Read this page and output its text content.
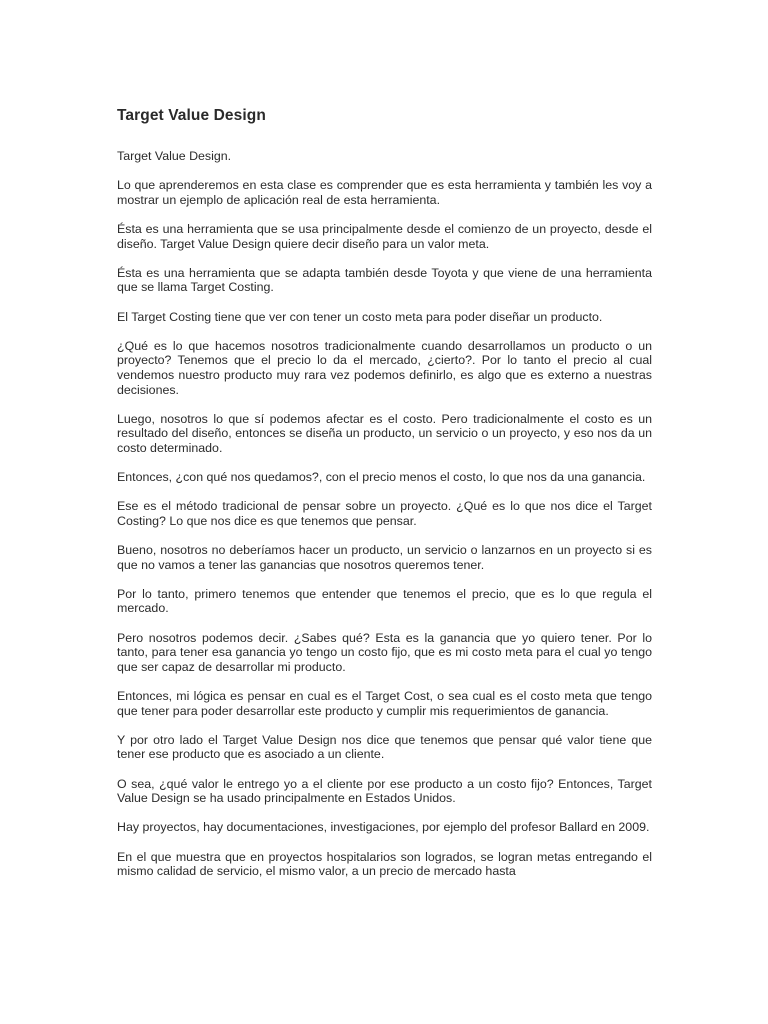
Target Value Design

Target Value Design.

Lo que aprenderemos en esta clase es comprender que es esta herramienta y también les voy a mostrar un ejemplo de aplicación real de esta herramienta.

Ésta es una herramienta que se usa principalmente desde el comienzo de un proyecto, desde el diseño. Target Value Design quiere decir diseño para un valor meta.

Ésta es una herramienta que se adapta también desde Toyota y que viene de una herramienta que se llama Target Costing.

El Target Costing tiene que ver con tener un costo meta para poder diseñar un producto.

¿Qué es lo que hacemos nosotros tradicionalmente cuando desarrollamos un producto o un proyecto? Tenemos que el precio lo da el mercado, ¿cierto?. Por lo tanto el precio al cual vendemos nuestro producto muy rara vez podemos definirlo, es algo que es externo a nuestras decisiones.

Luego, nosotros lo que sí podemos afectar es el costo. Pero tradicionalmente el costo es un resultado del diseño, entonces se diseña un producto, un servicio o un proyecto, y eso nos da un costo determinado.

Entonces, ¿con qué nos quedamos?, con el precio menos el costo, lo que nos da una ganancia.

Ese es el método tradicional de pensar sobre un proyecto. ¿Qué es lo que nos dice el Target Costing? Lo que nos dice es que tenemos que pensar.

Bueno, nosotros no deberíamos hacer un producto, un servicio o lanzarnos en un proyecto si es que no vamos a tener las ganancias que nosotros queremos tener.

Por lo tanto, primero tenemos que entender que tenemos el precio, que es lo que regula el mercado.

Pero nosotros podemos decir. ¿Sabes qué? Esta es la ganancia que yo quiero tener. Por lo tanto, para tener esa ganancia yo tengo un costo fijo, que es mi costo meta para el cual yo tengo que ser capaz de desarrollar mi producto.

Entonces, mi lógica es pensar en cual es el Target Cost, o sea cual es el costo meta que tengo que tener para poder desarrollar este producto y cumplir mis requerimientos de ganancia.

Y por otro lado el Target Value Design nos dice que tenemos que pensar qué valor tiene que tener ese producto que es asociado a un cliente.

O sea, ¿qué valor le entrego yo a el cliente por ese producto a un costo fijo? Entonces, Target Value Design se ha usado principalmente en Estados Unidos.

Hay proyectos, hay documentaciones, investigaciones, por ejemplo del profesor Ballard en 2009.

En el que muestra que en proyectos hospitalarios son logrados, se logran metas entregando el mismo calidad de servicio, el mismo valor, a un precio de mercado hasta
